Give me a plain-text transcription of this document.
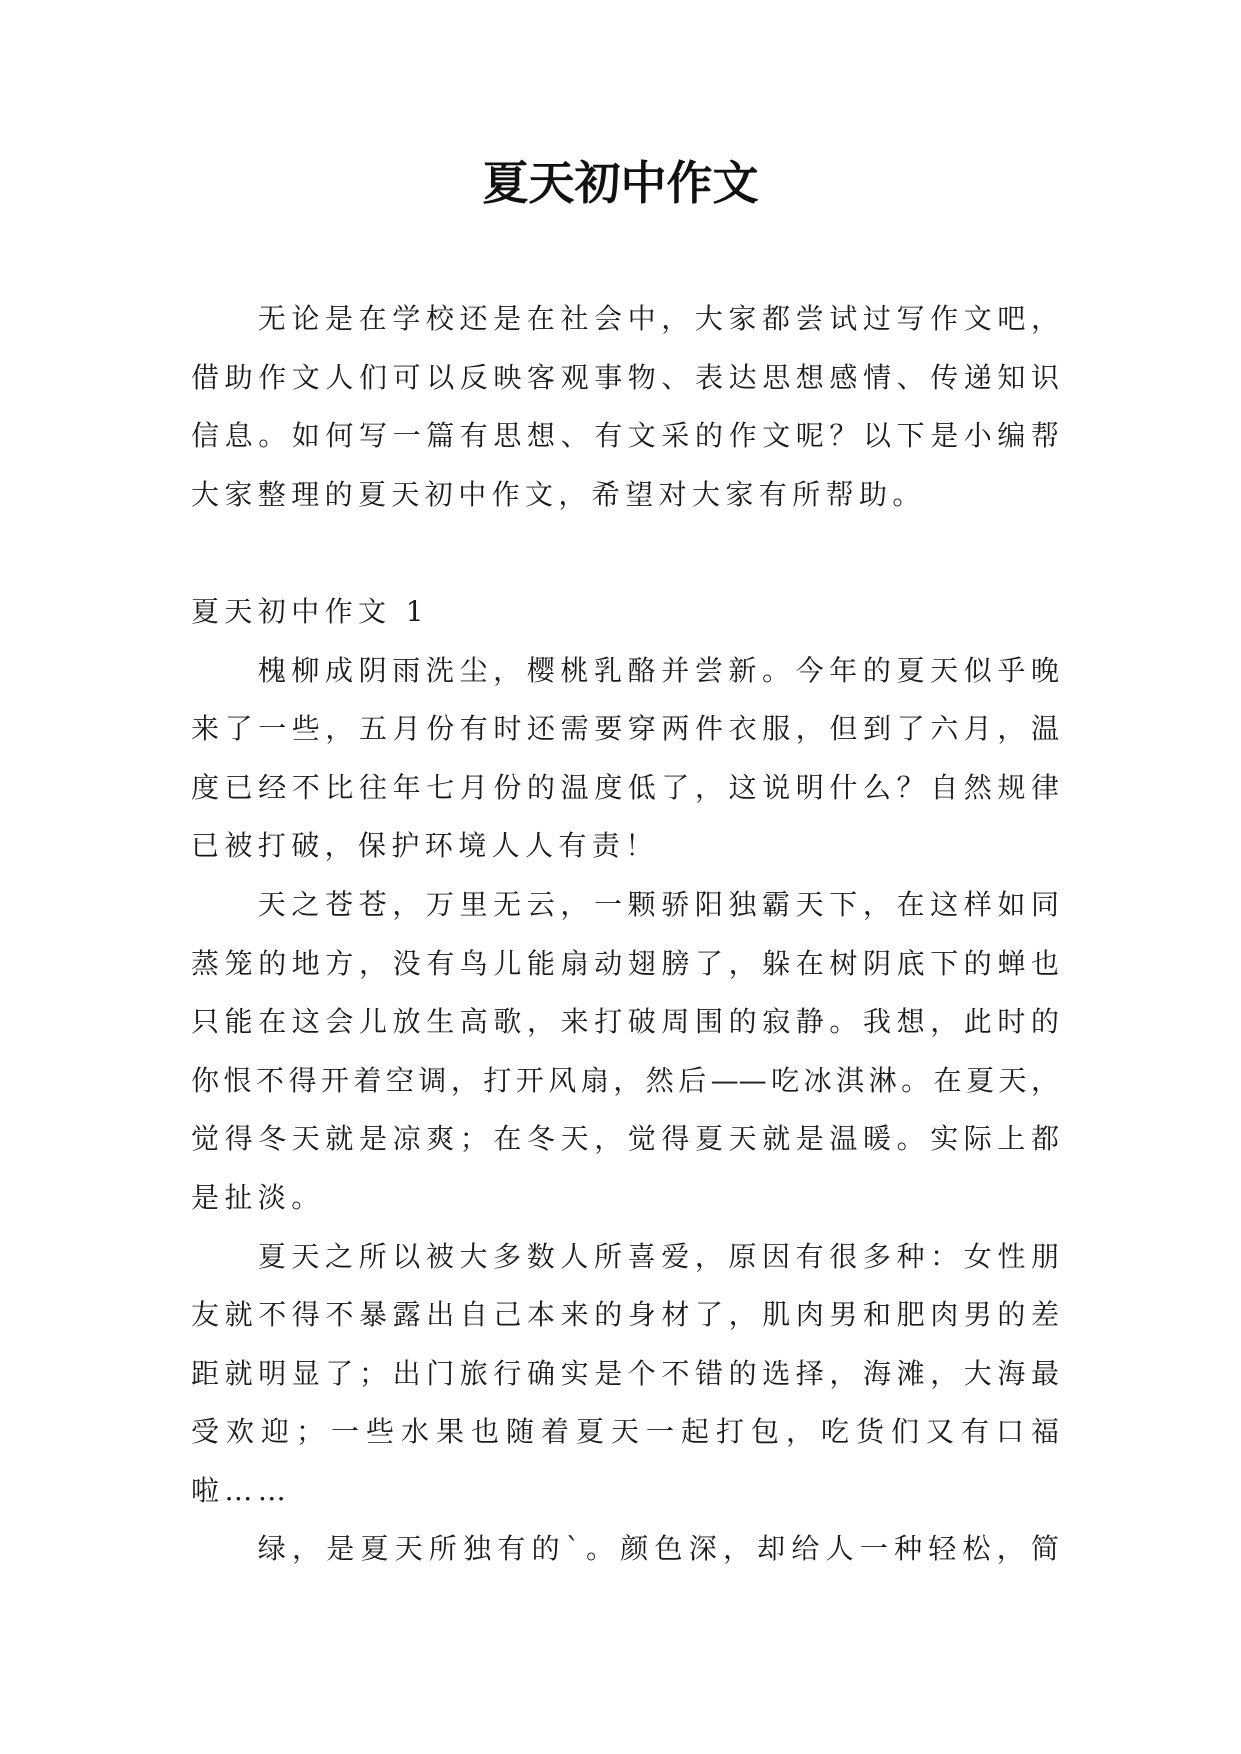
夏天初中作文
无论是在学校还是在社会中，大家都尝试过写作文吧，
借助作文人们可以反映客观事物、表达思想感情、传递知识
信息。如何写一篇有思想、有文采的作文呢？以下是小编帮
大家整理的夏天初中作文，希望对大家有所帮助。
夏天初中作文 1
槐柳成阴雨洗尘，樱桃乳酪并尝新。今年的夏天似乎晚
来了一些，五月份有时还需要穿两件衣服，但到了六月，温
度已经不比往年七月份的温度低了，这说明什么？自然规律
已被打破，保护环境人人有责！
天之苍苍，万里无云，一颗骄阳独霸天下，在这样如同
蒸笼的地方，没有鸟儿能扇动翅膀了，躲在树阴底下的蝉也
只能在这会儿放生高歌，来打破周围的寂静。我想，此时的
你恨不得开着空调，打开风扇，然后——吃冰淇淋。在夏天，
觉得冬天就是凉爽；在冬天，觉得夏天就是温暖。实际上都
是扯淡。
夏天之所以被大多数人所喜爱，原因有很多种：女性朋
友就不得不暴露出自己本来的身材了，肌肉男和肥肉男的差
距就明显了；出门旅行确实是个不错的选择，海滩，大海最
受欢迎；一些水果也随着夏天一起打包，吃货们又有口福
啦……
绿，是夏天所独有的`。颜色深，却给人一种轻松，简
